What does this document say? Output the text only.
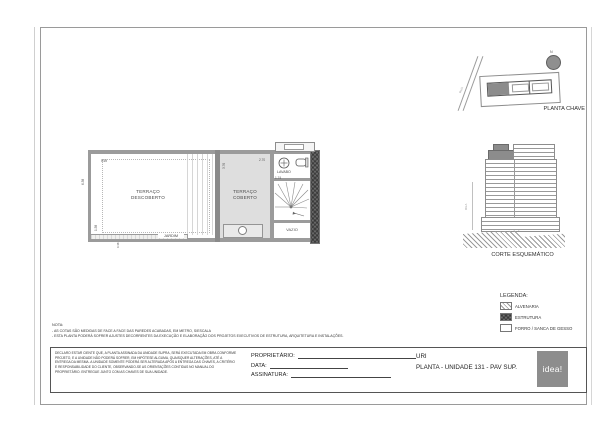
TERRAÇO DESCOBERTO
JARDIM
TERRAÇO COBERTO
LAVABO
VAZIO
5.69	2.70
3.76
6.38
1.74
1.58
0.38
N
RUA
PLANTA CHAVE
RUA
CORTE ESQUEMÁTICO
LEGENDA:
ALVENARIA
ESTRUTURA
FORRO / SANCA DE GESSO
NOTA:
- AS COTAS SÃO MEDIDAS DE FACE A FACE DAS PAREDES ACABADAS, EM METRO, S/ESCALA
- ESTA PLANTA PODERÁ SOFRER AJUSTES DECORRENTES DA EXECUÇÃO E ELABORAÇÃO DOS PROJETOS EXECUTIVOS DE ESTRUTURA, ARQUITETURA E INSTALAÇÕES.
DECLARO ESTAR CIENTE QUE, A PLANTA ASSINADA DA UNIDADE SUPRA, SERÁ EXECUTADA EM OBRA CONFORME PROJETO, E A UNIDADE NÃO PODERÁ SOFRER, EM HIPÓTESE ALGUMA, QUAISQUER ALTERAÇÕES, ATÉ A ENTREGA DA MESMA. A UNIDADE SOMENTE PODERÁ SER ALTERADA APÓS A ENTREGA DAS CHAVES, A CRITÉRIO E RESPONSABILIDADE DO CLIENTE, OBSERVANDO-SE AS ORIENTAÇÕES CONTIDAS NO MANUAL DO PROPRIETÁRIO. ENTREGUE JUNTO COM AS CHAVES DE SUA UNIDADE.
PROPRIETÁRIO:
DATA:
ASSINATURA:
URI
PLANTA - UNIDADE 131 - PAV SUP.	idea!
